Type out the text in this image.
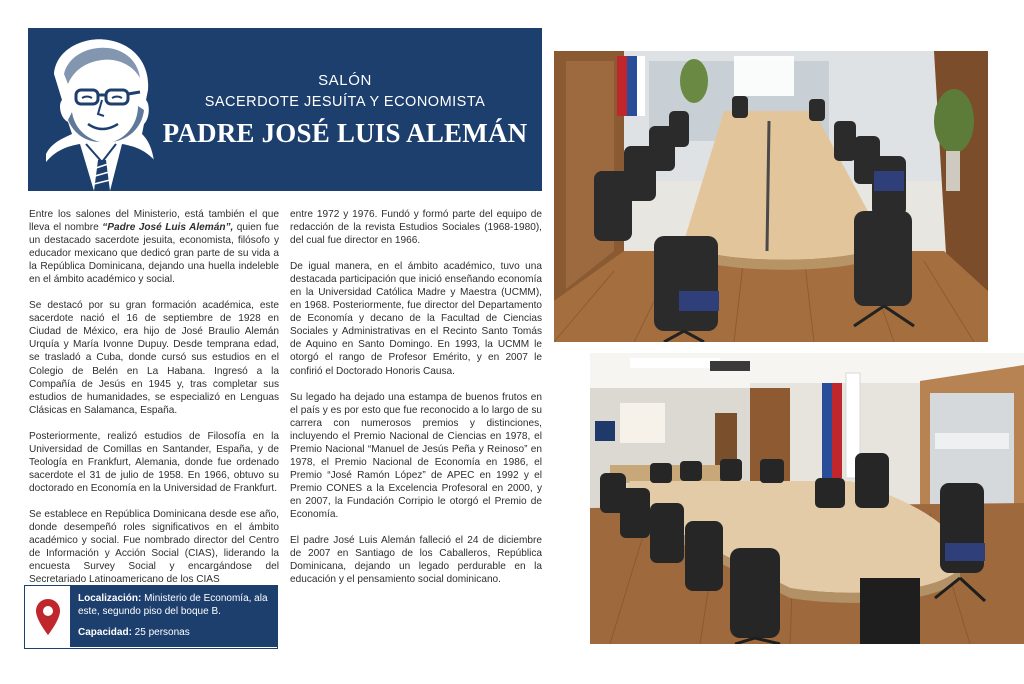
SALÓN
SACERDOTE JESUÍTA Y ECONOMISTA
PADRE JOSÉ LUIS ALEMÁN

Entre los salones del Ministerio, está también el que lleva el nombre “Padre José Luis Alemán”, quien fue un destacado sacerdote jesuita, economista, filósofo y educador mexicano que dedicó gran parte de su vida a la República Dominicana, dejando una huella indeleble en el ámbito académico y social.

Se destacó por su gran formación académica, este sacerdote nació el 16 de septiembre de 1928 en Ciudad de México, era hijo de José Braulio Alemán Urquía y María Ivonne Dupuy. Desde temprana edad, se trasladó a Cuba, donde cursó sus estudios en el Colegio de Belén en La Habana. Ingresó a la Compañía de Jesús en 1945 y, tras completar sus estudios de humanidades, se especializó en Lenguas Clásicas en Salamanca, España.

Posteriormente, realizó estudios de Filosofía en la Universidad de Comillas en Santander, España, y de Teología en Frankfurt, Alemania, donde fue ordenado sacerdote el 31 de julio de 1958. En 1966, obtuvo su doctorado en Economía en la Universidad de Frankfurt.

Se establece en República Dominicana desde ese año, donde desempeñó roles significativos en el ámbito académico y social. Fue nombrado director del Centro de Información y Acción Social (CIAS), liderando la encuesta Survey Social y encargándose del Secretariado Latinoamericano de los CIAS

entre 1972 y 1976. Fundó y formó parte del equipo de redacción de la revista Estudios Sociales (1968-1980), del cual fue director en 1966.

De igual manera, en el ámbito académico, tuvo una destacada participación que inició enseñando economía en la Universidad Católica Madre y Maestra (UCMM), en 1968. Posteriormente, fue director del Departamento de Economía y decano de la Facultad de Ciencias Sociales y Administrativas en el Recinto Santo Tomás de Aquino en Santo Domingo. En 1993, la UCMM le otorgó el rango de Profesor Emérito, y en 2007 le confirió el Doctorado Honoris Causa.

Su legado ha dejado una estampa de buenos frutos en el país y es por esto que fue reconocido a lo largo de su carrera con numerosos premios y distinciones, incluyendo el Premio Nacional de Ciencias en 1978, el Premio Nacional “Manuel de Jesús Peña y Reinoso” en 1978, el Premio Nacional de Economía en 1986, el Premio “José Ramón López” de APEC en 1992 y el Premio CONES a la Excelencia Profesoral en 2000, y en 2007, la Fundación Corripio le otorgó el Premio de Economía.

El padre José Luis Alemán falleció el 24 de diciembre de 2007 en Santiago de los Caballeros, República Dominicana, dejando un legado perdurable en la educación y el pensamiento social dominicano.

Localización: Ministerio de Economía, ala este, segundo piso del boque B.
Capacidad: 25 personas
